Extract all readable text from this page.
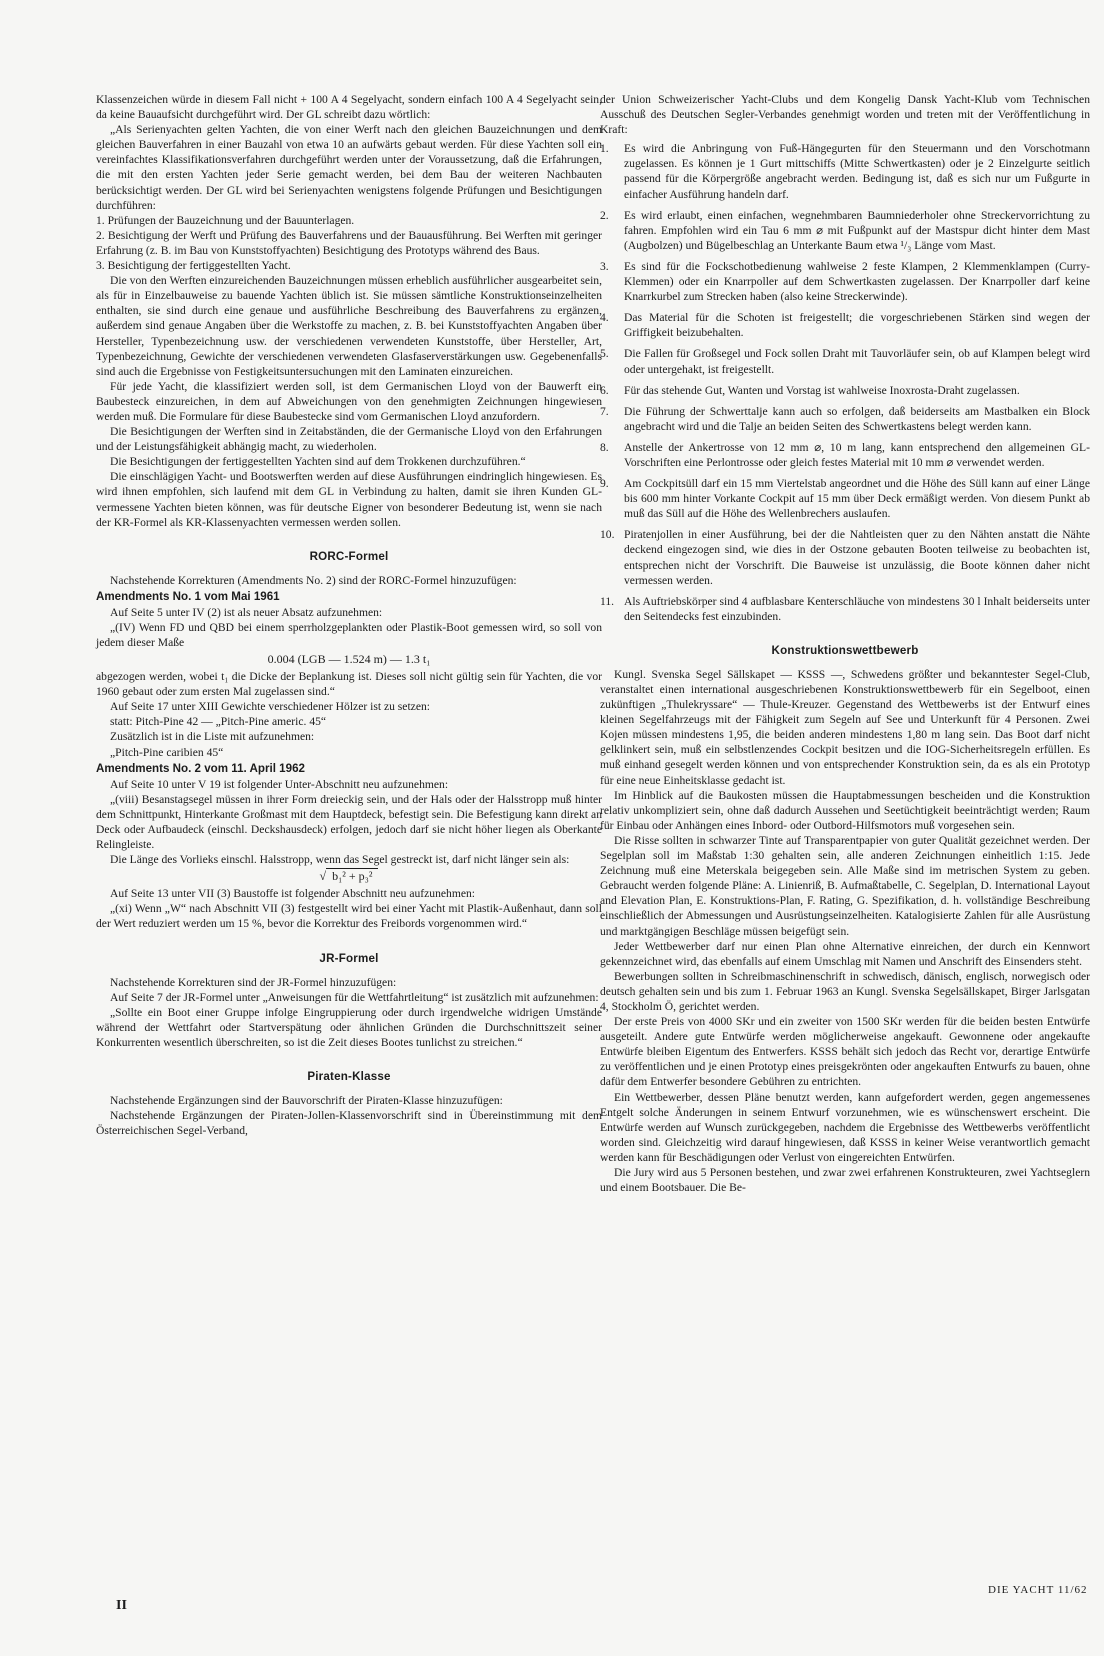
Klassenzeichen würde in diesem Fall nicht + 100 A 4 Segelyacht, sondern einfach 100 A 4 Segelyacht sein, da keine Bauaufsicht durchgeführt wird. Der GL schreibt dazu wörtlich:

„Als Serienyachten gelten Yachten, die von einer Werft nach den gleichen Bauzeichnungen und dem gleichen Bauverfahren in einer Bauzahl von etwa 10 an aufwärts gebaut werden. Für diese Yachten soll ein vereinfachtes Klassifikationsverfahren durchgeführt werden unter der Voraussetzung, daß die Erfahrungen, die mit den ersten Yachten jeder Serie gemacht werden, bei dem Bau der weiteren Nachbauten berücksichtigt werden. Der GL wird bei Serienyachten wenigstens folgende Prüfungen und Besichtigungen durchführen:

1. Prüfungen der Bauzeichnung und der Bauunterlagen.

2. Besichtigung der Werft und Prüfung des Bauverfahrens und der Bauausführung. Bei Werften mit geringer Erfahrung (z. B. im Bau von Kunststoffyachten) Besichtigung des Prototyps während des Baus.

3. Besichtigung der fertiggestellten Yacht.

Die von den Werften einzureichenden Bauzeichnungen müssen erheblich ausführlicher ausgearbeitet sein, als für in Einzelbauweise zu bauende Yachten üblich ist. Sie müssen sämtliche Konstruktionseinzelheiten enthalten, sie sind durch eine genaue und ausführliche Beschreibung des Bauverfahrens zu ergänzen, außerdem sind genaue Angaben über die Werkstoffe zu machen, z. B. bei Kunststoffyachten Angaben über Hersteller, Typenbezeichnung usw. der verschiedenen verwendeten Kunststoffe, über Hersteller, Art, Typenbezeichnung, Gewichte der verschiedenen verwendeten Glasfaserverstärkungen usw. Gegebenenfalls sind auch die Ergebnisse von Festigkeitsuntersuchungen mit den Laminaten einzureichen.

Für jede Yacht, die klassifiziert werden soll, ist dem Germanischen Lloyd von der Bauwerft ein Baubesteck einzureichen, in dem auf Abweichungen von den genehmigten Zeichnungen hingewiesen werden muß. Die Formulare für diese Baubestecke sind vom Germanischen Lloyd anzufordern.

Die Besichtigungen der Werften sind in Zeitabständen, die der Germanische Lloyd von den Erfahrungen und der Leistungsfähigkeit abhängig macht, zu wiederholen.

Die Besichtigungen der fertiggestellten Yachten sind auf dem Trokkenen durchzuführen.“

Die einschlägigen Yacht- und Bootswerften werden auf diese Ausführungen eindringlich hingewiesen. Es wird ihnen empfohlen, sich laufend mit dem GL in Verbindung zu halten, damit sie ihren Kunden GL-vermessene Yachten bieten können, was für deutsche Eigner von besonderer Bedeutung ist, wenn sie nach der KR-Formel als KR-Klassenyachten vermessen werden sollen.

RORC-Formel

Nachstehende Korrekturen (Amendments No. 2) sind der RORC-Formel hinzuzufügen:

Amendments No. 1 vom Mai 1961

Auf Seite 5 unter IV (2) ist als neuer Absatz aufzunehmen:

„(IV) Wenn FD und QBD bei einem sperrholzgeplankten oder Plastik-Boot gemessen wird, so soll von jedem dieser Maße

0.004 (LGB — 1.524 m) — 1.3 t₁

abgezogen werden, wobei t₁ die Dicke der Beplankung ist. Dieses soll nicht gültig sein für Yachten, die vor 1960 gebaut oder zum ersten Mal zugelassen sind.“

Auf Seite 17 unter XIII Gewichte verschiedener Hölzer ist zu setzen:

statt: Pitch-Pine 42 — „Pitch-Pine americ. 45“

Zusätzlich ist in die Liste mit aufzunehmen:

„Pitch-Pine caribien 45“

Amendments No. 2 vom 11. April 1962

Auf Seite 10 unter V 19 ist folgender Unter-Abschnitt neu aufzunehmen:

„(viii) Besanstagsegel müssen in ihrer Form dreieckig sein, und der Hals oder der Halsstropp muß hinter dem Schnittpunkt, Hinterkante Großmast mit dem Hauptdeck, befestigt sein. Die Befestigung kann direkt an Deck oder Aufbaudeck (einschl. Deckshausdeck) erfolgen, jedoch darf sie nicht höher liegen als Oberkante Relingleiste.

Die Länge des Vorlieks einschl. Halsstropp, wenn das Segel gestreckt ist, darf nicht länger sein als:

√ b₁² + p₃²

Auf Seite 13 unter VII (3) Baustoffe ist folgender Abschnitt neu aufzunehmen:

„(xi) Wenn „W“ nach Abschnitt VII (3) festgestellt wird bei einer Yacht mit Plastik-Außenhaut, dann soll der Wert reduziert werden um 15 %, bevor die Korrektur des Freibords vorgenommen wird.“

JR-Formel

Nachstehende Korrekturen sind der JR-Formel hinzuzufügen:

Auf Seite 7 der JR-Formel unter „Anweisungen für die Wettfahrtleitung“ ist zusätzlich mit aufzunehmen:

„Sollte ein Boot einer Gruppe infolge Eingruppierung oder durch irgendwelche widrigen Umstände während der Wettfahrt oder Startverspätung oder ähnlichen Gründen die Durchschnittszeit seiner Konkurrenten wesentlich überschreiten, so ist die Zeit dieses Bootes tunlichst zu streichen.“

Piraten-Klasse

Nachstehende Ergänzungen sind der Bauvorschrift der Piraten-Klasse hinzuzufügen:

Nachstehende Ergänzungen der Piraten-Jollen-Klassenvorschrift sind in Übereinstimmung mit dem Österreichischen Segel-Verband,

der Union Schweizerischer Yacht-Clubs und dem Kongelig Dansk Yacht-Klub vom Technischen Ausschuß des Deutschen Segler-Verbandes genehmigt worden und treten mit der Veröffentlichung in Kraft:

1. Es wird die Anbringung von Fuß-Hängegurten für den Steuermann und den Vorschotmann zugelassen. Es können je 1 Gurt mittschiffs (Mitte Schwertkasten) oder je 2 Einzelgurte seitlich passend für die Körpergröße angebracht werden. Bedingung ist, daß es sich nur um Fußgurte in einfacher Ausführung handeln darf.
2. Es wird erlaubt, einen einfachen, wegnehmbaren Baumniederholer ohne Streckervorrichtung zu fahren. Empfohlen wird ein Tau 6 mm ⌀ mit Fußpunkt auf der Mastspur dicht hinter dem Mast (Augbolzen) und Bügelbeschlag an Unterkante Baum etwa ¹/₃ Länge vom Mast.
3. Es sind für die Fockschotbedienung wahlweise 2 feste Klampen, 2 Klemmenklampen (Curry-Klemmen) oder ein Knarrpoller auf dem Schwertkasten zugelassen. Der Knarrpoller darf keine Knarrkurbel zum Strecken haben (also keine Streckerwinde).
4. Das Material für die Schoten ist freigestellt; die vorgeschriebenen Stärken sind wegen der Griffigkeit beizubehalten.
5. Die Fallen für Großsegel und Fock sollen Draht mit Tauvorläufer sein, ob auf Klampen belegt wird oder untergehakt, ist freigestellt.
6. Für das stehende Gut, Wanten und Vorstag ist wahlweise Inoxrosta-Draht zugelassen.
7. Die Führung der Schwerttalje kann auch so erfolgen, daß beiderseits am Mastbalken ein Block angebracht wird und die Talje an beiden Seiten des Schwertkastens belegt werden kann.
8. Anstelle der Ankertrosse von 12 mm ⌀, 10 m lang, kann entsprechend den allgemeinen GL-Vorschriften eine Perlontrosse oder gleich festes Material mit 10 mm ⌀ verwendet werden.
9. Am Cockpitsüll darf ein 15 mm Viertelstab angeordnet und die Höhe des Süll kann auf einer Länge bis 600 mm hinter Vorkante Cockpit auf 15 mm über Deck ermäßigt werden. Von diesem Punkt ab muß das Süll auf die Höhe des Wellenbrechers auslaufen.
10. Piratenjollen in einer Ausführung, bei der die Nahtleisten quer zu den Nähten anstatt die Nähte deckend eingezogen sind, wie dies in der Ostzone gebauten Booten teilweise zu beobachten ist, entsprechen nicht der Vorschrift. Die Bauweise ist unzulässig, die Boote können daher nicht vermessen werden.
11. Als Auftriebskörper sind 4 aufblasbare Kenterschläuche von mindestens 30 l Inhalt beiderseits unter den Seitendecks fest einzubinden.
Konstruktionswettbewerb

Kungl. Svenska Segel Sällskapet — KSSS —, Schwedens größter und bekanntester Segel-Club, veranstaltet einen international ausgeschriebenen Konstruktionswettbewerb für ein Segelboot, einen zukünftigen „Thulekryssare“ — Thule-Kreuzer. Gegenstand des Wettbewerbs ist der Entwurf eines kleinen Segelfahrzeugs mit der Fähigkeit zum Segeln auf See und Unterkunft für 4 Personen. Zwei Kojen müssen mindestens 1,95, die beiden anderen mindestens 1,80 m lang sein. Das Boot darf nicht gelklinkert sein, muß ein selbstlenzendes Cockpit besitzen und die IOG-Sicherheitsregeln erfüllen. Es muß einhand gesegelt werden können und von entsprechender Konstruktion sein, da es als ein Prototyp für eine neue Einheitsklasse gedacht ist.

Im Hinblick auf die Baukosten müssen die Hauptabmessungen bescheiden und die Konstruktion relativ unkompliziert sein, ohne daß dadurch Aussehen und Seetüchtigkeit beeinträchtigt werden; Raum für Einbau oder Anhängen eines Inbord- oder Outbord-Hilfsmotors muß vorgesehen sein.

Die Risse sollten in schwarzer Tinte auf Transparentpapier von guter Qualität gezeichnet werden. Der Segelplan soll im Maßstab 1:30 gehalten sein, alle anderen Zeichnungen einheitlich 1:15. Jede Zeichnung muß eine Meterskala beigegeben sein. Alle Maße sind im metrischen System zu geben. Gebraucht werden folgende Pläne: A. Linienriß, B. Aufmaßtabelle, C. Segelplan, D. International Layout and Elevation Plan, E. Konstruktions-Plan, F. Rating, G. Spezifikation, d. h. vollständige Beschreibung einschließlich der Abmessungen und Ausrüstungseinzelheiten. Katalogisierte Zahlen für alle Ausrüstung und marktgängigen Beschläge müssen beigefügt sein.

Jeder Wettbewerber darf nur einen Plan ohne Alternative einreichen, der durch ein Kennwort gekennzeichnet wird, das ebenfalls auf einem Umschlag mit Namen und Anschrift des Einsenders steht.

Bewerbungen sollten in Schreibmaschinenschrift in schwedisch, dänisch, englisch, norwegisch oder deutsch gehalten sein und bis zum 1. Februar 1963 an Kungl. Svenska Segelsällskapet, Birger Jarlsgatan 4, Stockholm Ö, gerichtet werden.

Der erste Preis von 4000 SKr und ein zweiter von 1500 SKr werden für die beiden besten Entwürfe ausgeteilt. Andere gute Entwürfe werden möglicherweise angekauft. Gewonnene oder angekaufte Entwürfe bleiben Eigentum des Entwerfers. KSSS behält sich jedoch das Recht vor, derartige Entwürfe zu veröffentlichen und je einen Prototyp eines preisgekrönten oder angekauften Entwurfs zu bauen, ohne dafür dem Entwerfer besondere Gebühren zu entrichten.

Ein Wettbewerber, dessen Pläne benutzt werden, kann aufgefordert werden, gegen angemessenes Entgelt solche Änderungen in seinem Entwurf vorzunehmen, wie es wünschenswert erscheint. Die Entwürfe werden auf Wunsch zurückgegeben, nachdem die Ergebnisse des Wettbewerbs veröffentlicht worden sind. Gleichzeitig wird darauf hingewiesen, daß KSSS in keiner Weise verantwortlich gemacht werden kann für Beschädigungen oder Verlust von eingereichten Entwürfen.

Die Jury wird aus 5 Personen bestehen, und zwar zwei erfahrenen Konstrukteuren, zwei Yachtseglern und einem Bootsbauer. Die Be-

II
DIE YACHT 11/62
